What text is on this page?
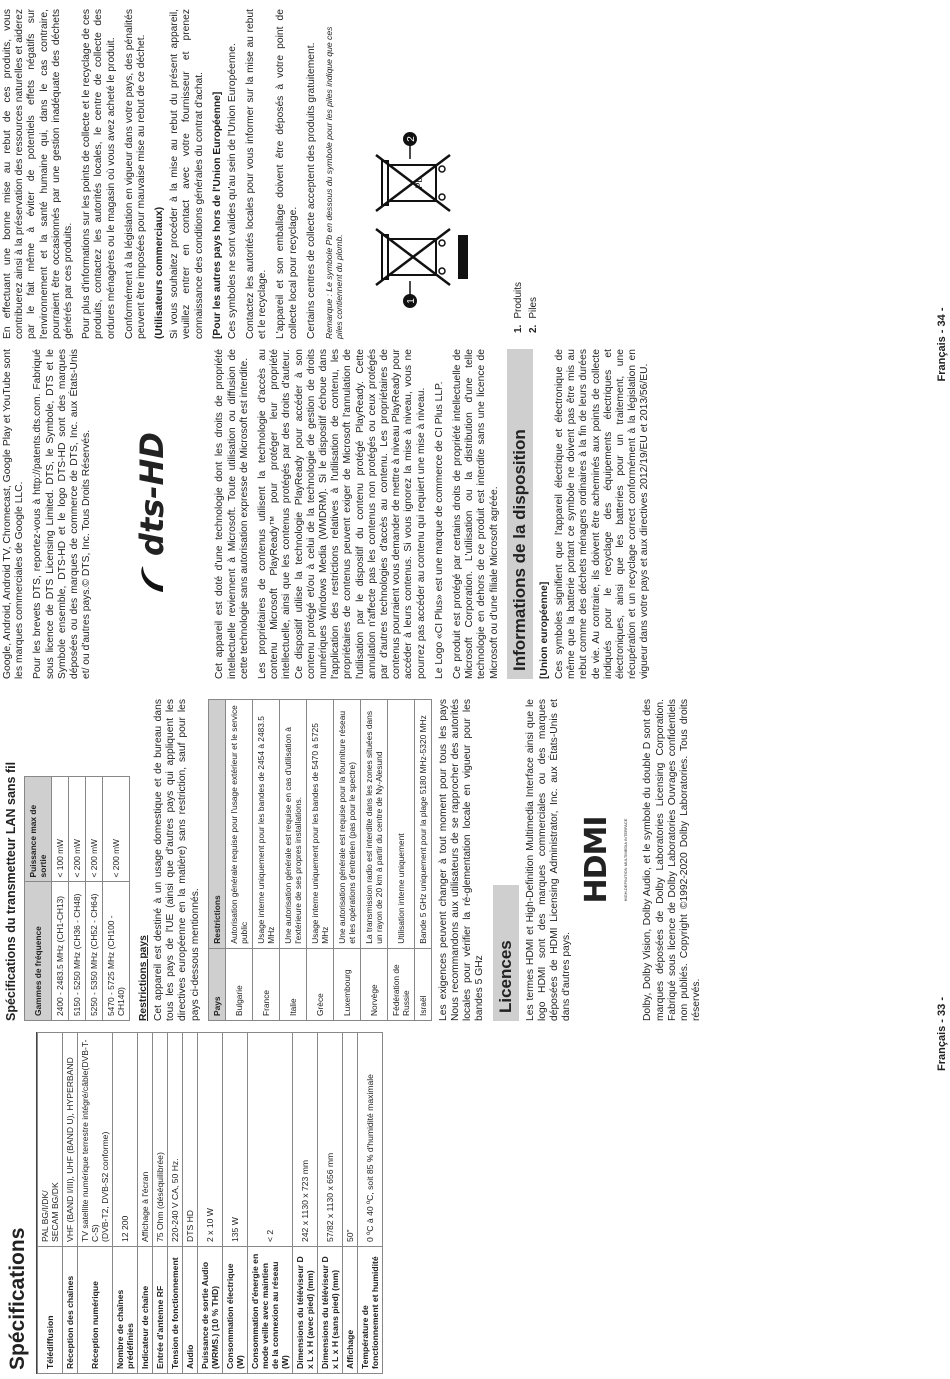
Spécifications	Télédiffusion	PAL BG/I/DK/
SECAM BG/DK
Réception des chaînes	VHF (BAND I/III), UHF (BAND U), HYPERBAND
Réception numérique	TV satellite numérique terrestre intégré/câble(DVB-T-C-S)
(DVB-T2, DVB-S2 conforme)
Nombre de chaînes prédéfinies	12 200
Indicateur de chaîne	Affichage à l'écran
Entrée d'antenne RF	75 Ohm (déséquilibrée)
Tension de fonctionnement	220-240 V CA, 50 Hz.
Audio	DTS HD
Puissance de sortie Audio (WRMS.) (10 % THD)	2 x 10 W
Consommation électrique (W)	135 W
Consommation d'énergie en mode veille avec maintien de la connexion au réseau (W)	< 2
Dimensions du téléviseur D x L x H (avec pied) (mm)	242 x 1130 x 723 mm
Dimensions du téléviseur D x L x H (sans pied) (mm)	57/82 x 1130 x 656 mm
Affichage	50"
Température de fonctionnement et humidité	0 ºC à 40 ºC, soit 85 % d'humidité maximale
Spécifications du transmetteur LAN sans fil Gammes de fréquence	Puissance max de sortie
2400 - 2483.5 MHz (CH1-CH13)	< 100 mW
5150 - 5250 MHz (CH36 - CH48)	< 200 mW
5250 - 5350 MHz (CH52 - CH64)	< 200 mW
5470 - 5725 MHz (CH100 - CH140)	< 200 mW
Restrictions pays Cet appareil est destiné à un usage domestique et de bureau dans tous les pays de l'UE (ainsi que d'autres pays qui appliquent les directives européenne en la matière) sans restriction, sauf pour les pays ci-dessous mentionnés. Pays	Restrictions
Bulgarie	Autorisation générale requise pour l'usage extérieur et le service public
France	Usage interne uniquement pour les bandes de 2454 à 2483.5 MHz
Italie	Une autorisation générale est requise en cas d'utilisation à l'extérieure de ses propres installations.
Grèce	Usage interne uniquement pour les bandes de 5470 à 5725 MHz
Luxembourg	Une autorisation générale est requise pour la fourniture réseau et les opérations d'entretien (pas pour le spectre)
Norvège	La transmission radio est interdite dans les zones situées dans un rayon de 20 km à partir du centre de Ny-Alesund
Fédération de Russie	Utilisation interne uniquement
Israël	Bande 5 GHz uniquement pour la plage 5180 MHz-5320 MHz Les exigences peuvent changer à tout moment pour tous les pays Nous recommandons aux utilisateurs de se rapprocher des autorités locales pour vérifier la ré-glementation locale en vigueur pour les bandes 5 GHz Licences Les termes HDMI et High-Definition Multimedia Interface ainsi que le logo HDMI sont des marques commerciales ou des marques déposées de HDMI Licensing Administrator, Inc. aux États-Unis et dans d'autres pays.

HDMI HIGH-DEFINITION MULTIMEDIA INTERFACE	Dolby, Dolby Vision, Dolby Audio, et le symbole du double D sont des marques déposées de Dolby Laboratories Licensing Corporation. Fabriqué sous licence de Dolby Laboratories Ouvrages confidentiels non publiés. Copyright ©1992-2020 Dolby Laboratories. Tous droits réservés.	Français - 33 -

Google, Android, Android TV, Chromecast, Google Play et YouTube sont les marques commerciales de Google LLC. Pour les brevets DTS, reportez-vous à http://patents.dts.com. Fabriqué sous licence de DTS Licensing Limited. DTS, le Symbole, DTS et le Symbole ensemble, DTS-HD et le logo DTS-HD sont des marques déposées ou des marques de commerce de DTS, Inc. aux États-Unis et/ ou d'autres pays.© DTS, Inc. Tous Droits Réservés. dts-HD	Cet appareil est doté d'une technologie dont les droits de propriété intellectuelle reviennent à Microsoft. Toute utilisation ou diffusion de cette technologie sans autorisation expresse de Microsoft est interdite. Les propriétaires de contenus utilisent la technologie d'accès au contenu Microsoft PlayReady™ pour protéger leur propriété intellectuelle, ainsi que les contenus protégés par des droits d'auteur. Ce dispositif utilise la technologie PlayReady pour accéder à son contenu protégé et/ou à celui de la technologie de gestion de droits numériques Windows Media (WMDRM). Si le dispositif échoue dans l'application des restrictions relatives à l'utilisation de contenu, les propriétaires de contenus peuvent exiger de Microsoft l'annulation de l'utilisation par le dispositif du contenu protégé PlayReady. Cette annulation n'affecte pas les contenus non protégés ou ceux protégés par d'autres technologies d'accès au contenu. Les propriétaires de contenus pourraient vous demander de mettre à niveau PlayReady pour accéder à leurs contenus. Si vous ignorez la mise à niveau, vous ne pourrez pas accéder au contenu qui requiert une mise à niveau. Le Logo «CI Plus» est une marque de commerce de CI Plus LLP. Ce produit est protégé par certains droits de propriété intellectuelle de Microsoft Corporation. L'utilisation ou la distribution d'une telle technologie en dehors de ce produit est interdite sans une licence de Microsoft ou d'une filiale Microsoft agréée. Informations de la disposition [Union européenne] Ces symboles signifient que l'appareil électrique et électronique de même que la batterie portant ce symbole ne doivent pas être mis au rebut comme des déchets ménagers ordinaires à la fin de leurs durées de vie. Au contraire, ils doivent être acheminés aux points de collecte indiqués pour le recyclage des équipements électriques et électroniques, ainsi que les batteries pour un traitement, une récupération et un recyclage correct conformément à la législation en vigueur dans votre pays et aux directives 2012/19/EU et 2013/56/EU.

En effectuant une bonne mise au rebut de ces produits, vous contribuerez ainsi à la préservation des ressources naturelles et aiderez par le fait même à éviter de potentiels effets négatifs sur l'environnement et la santé humaine qui, dans le cas contraire, pourraient être occasionnés par une gestion inadéquate des déchets générés par ces produits. Pour plus d'informations sur les points de collecte et le recyclage de ces produits, contactez les autorités locales, le centre de collecte des ordures ménagères ou le magasin où vous avez acheté le produit. Conformément à la législation en vigueur dans votre pays, des pénalités peuvent être imposées pour mauvaise mise au rebut de ce déchet. (Utilisateurs commerciaux) Si vous souhaitez procéder à la mise au rebut du présent appareil, veuillez entrer en contact avec votre fournisseur et prenez connaissance des conditions générales du contrat d'achat. [Pour les autres pays hors de l'Union Européenne] Ces symboles ne sont valides qu'au sein de l'Union Européenne. Contactez les autorités locales pour vous informer sur la mise au rebut et le recyclage. L'appareil et son emballage doivent être déposés à votre point de collecte local pour recyclage. Certains centres de collecte acceptent des produits gratuitement. Remarque : Le symbole Pb en dessous du symbole pour les piles indique que ces piles contiennent du plomb.	1
2
Pb
1.Produits
2.Piles	Français - 34 -
